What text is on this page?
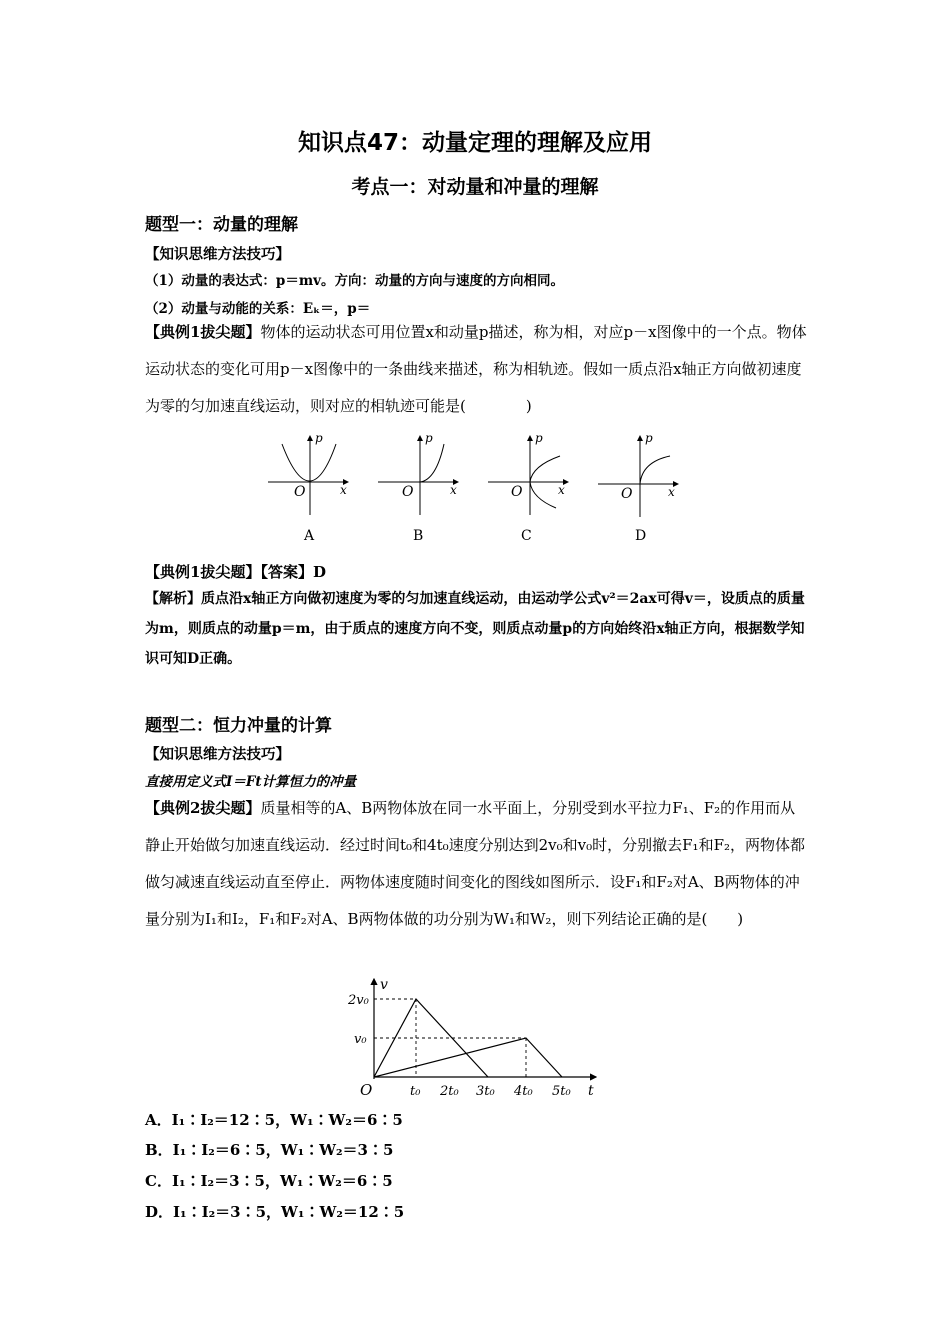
知识点47：动量定理的理解及应用
考点一：对动量和冲量的理解
题型一：动量的理解
【知识思维方法技巧】
（1）动量的表达式：p＝mv。方向：动量的方向与速度的方向相同。
（2）动量与动能的关系：Eₖ＝，p＝
【典例1拔尖题】物体的运动状态可用位置x和动量p描述，称为相，对应p－x图像中的一个点。物体运动状态的变化可用p－x图像中的一条曲线来描述，称为相轨迹。假如一质点沿x轴正方向做初速度为零的匀加速直线运动，则对应的相轨迹可能是(　　　　)
p
x
O
A
p
x
O
B
p
x
O
C
p
x
O
D
【典例1拔尖题】【答案】D
【解析】质点沿x轴正方向做初速度为零的匀加速直线运动，由运动学公式v²＝2ax可得v＝，设质点的质量为m，则质点的动量p＝m，由于质点的速度方向不变，则质点动量p的方向始终沿x轴正方向，根据数学知识可知D正确。
题型二：恒力冲量的计算
【知识思维方法技巧】
直接用定义式I＝Ft计算恒力的冲量
【典例2拔尖题】质量相等的A、B两物体放在同一水平面上，分别受到水平拉力F₁、F₂的作用而从静止开始做匀加速直线运动．经过时间t₀和4t₀速度分别达到2v₀和v₀时，分别撤去F₁和F₂，两物体都做匀减速直线运动直至停止．两物体速度随时间变化的图线如图所示．设F₁和F₂对A、B两物体的冲量分别为I₁和I₂，F₁和F₂对A、B两物体做的功分别为W₁和W₂，则下列结论正确的是(　　)
v
t
O
2v₀
v₀
t₀ 2t₀ 3t₀ 4t₀ 5t₀
A．I₁∶I₂＝12∶5，W₁∶W₂＝6∶5
B．I₁∶I₂＝6∶5，W₁∶W₂＝3∶5
C．I₁∶I₂＝3∶5，W₁∶W₂＝6∶5
D．I₁∶I₂＝3∶5，W₁∶W₂＝12∶5
